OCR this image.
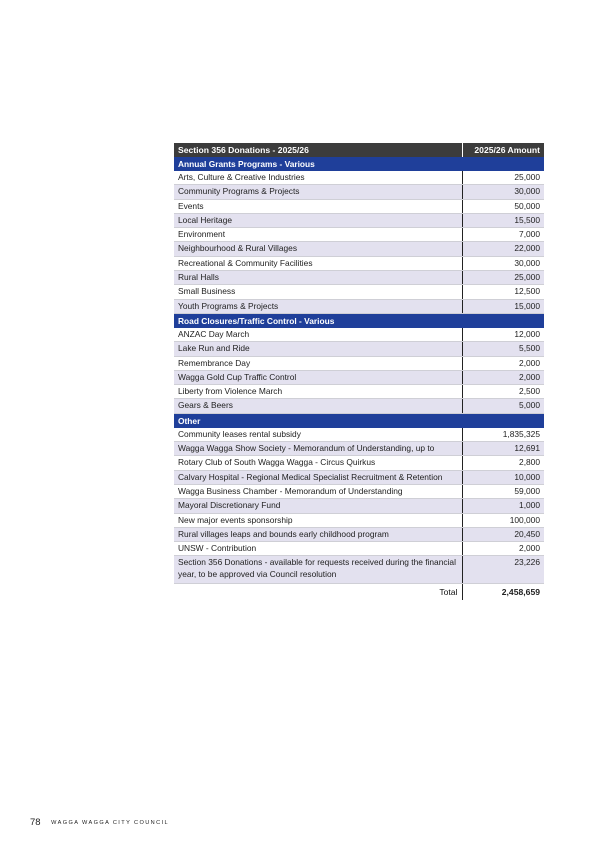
Section 356 Donations - 2025/26	2025/26 Amount
Annual Grants Programs - Various	
Arts, Culture & Creative Industries	25,000
Community Programs & Projects	30,000
Events	50,000
Local Heritage	15,500
Environment	7,000
Neighbourhood & Rural Villages	22,000
Recreational & Community Facilities	30,000
Rural Halls	25,000
Small Business	12,500
Youth Programs & Projects	15,000
Road Closures/Traffic Control - Various	
ANZAC Day March	12,000
Lake Run and Ride	5,500
Remembrance Day	2,000
Wagga Gold Cup Traffic Control	2,000
Liberty from Violence March	2,500
Gears & Beers	5,000
Other	
Community leases rental subsidy	1,835,325
Wagga Wagga Show Society - Memorandum of Understanding, up to	12,691
Rotary Club of South Wagga Wagga - Circus Quirkus	2,800
Calvary Hospital - Regional Medical Specialist Recruitment & Retention	10,000
Wagga Business Chamber - Memorandum of Understanding	59,000
Mayoral Discretionary Fund	1,000
New major events sponsorship	100,000
Rural villages leaps and bounds early childhood program	20,450
UNSW - Contribution	2,000
Section 356 Donations - available for requests received during the financial year, to be approved via Council resolution	23,226
Total	2,458,659
78 WAGGA WAGGA CITY COUNCIL
